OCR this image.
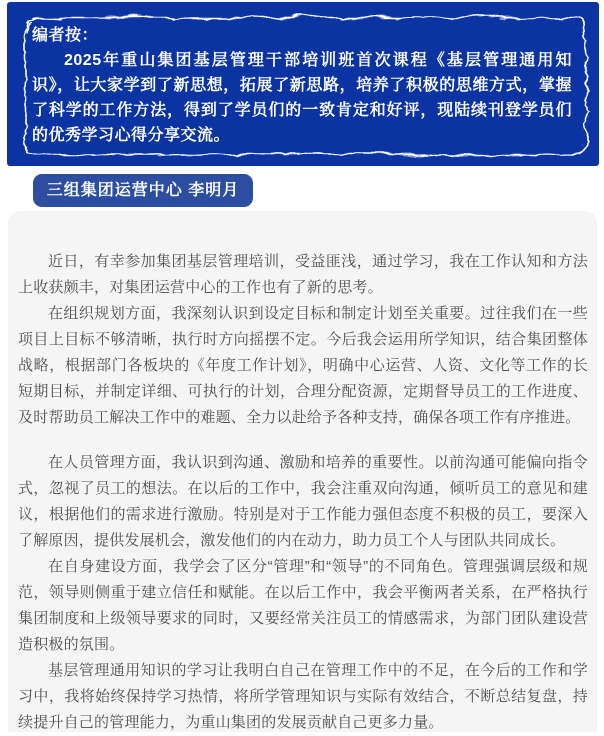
编者按：

2025年重山集团基层管理干部培训班首次课程《基层管理通用知识》，让大家学到了新思想，拓展了新思路，培养了积极的思维方式，掌握了科学的工作方法，得到了学员们的一致肯定和好评，现陆续刊登学员们的优秀学习心得分享交流。

三组集团运营中心 李明月

近日，有幸参加集团基层管理培训，受益匪浅，通过学习，我在工作认知和方法上收获颇丰，对集团运营中心的工作也有了新的思考。

在组织规划方面，我深刻认识到设定目标和制定计划至关重要。过往我们在一些项目上目标不够清晰，执行时方向摇摆不定。今后我会运用所学知识，结合集团整体战略，根据部门各板块的《年度工作计划》，明确中心运营、人资、文化等工作的长短期目标，并制定详细、可执行的计划，合理分配资源，定期督导员工的工作进度、及时帮助员工解决工作中的难题、全力以赴给予各种支持，确保各项工作有序推进。

在人员管理方面，我认识到沟通、激励和培养的重要性。以前沟通可能偏向指令式，忽视了员工的想法。在以后的工作中，我会注重双向沟通，倾听员工的意见和建议，根据他们的需求进行激励。特别是对于工作能力强但态度不积极的员工，要深入了解原因，提供发展机会，激发他们的内在动力，助力员工个人与团队共同成长。

在自身建设方面，我学会了区分“管理”和“领导”的不同角色。管理强调层级和规范，领导则侧重于建立信任和赋能。在以后工作中，我会平衡两者关系，在严格执行集团制度和上级领导要求的同时，又要经常关注员工的情感需求，为部门团队建设营造积极的氛围。

基层管理通用知识的学习让我明白自己在管理工作中的不足，在今后的工作和学习中，我将始终保持学习热情，将所学管理知识与实际有效结合，不断总结复盘，持续提升自己的管理能力，为重山集团的发展贡献自己更多力量。
